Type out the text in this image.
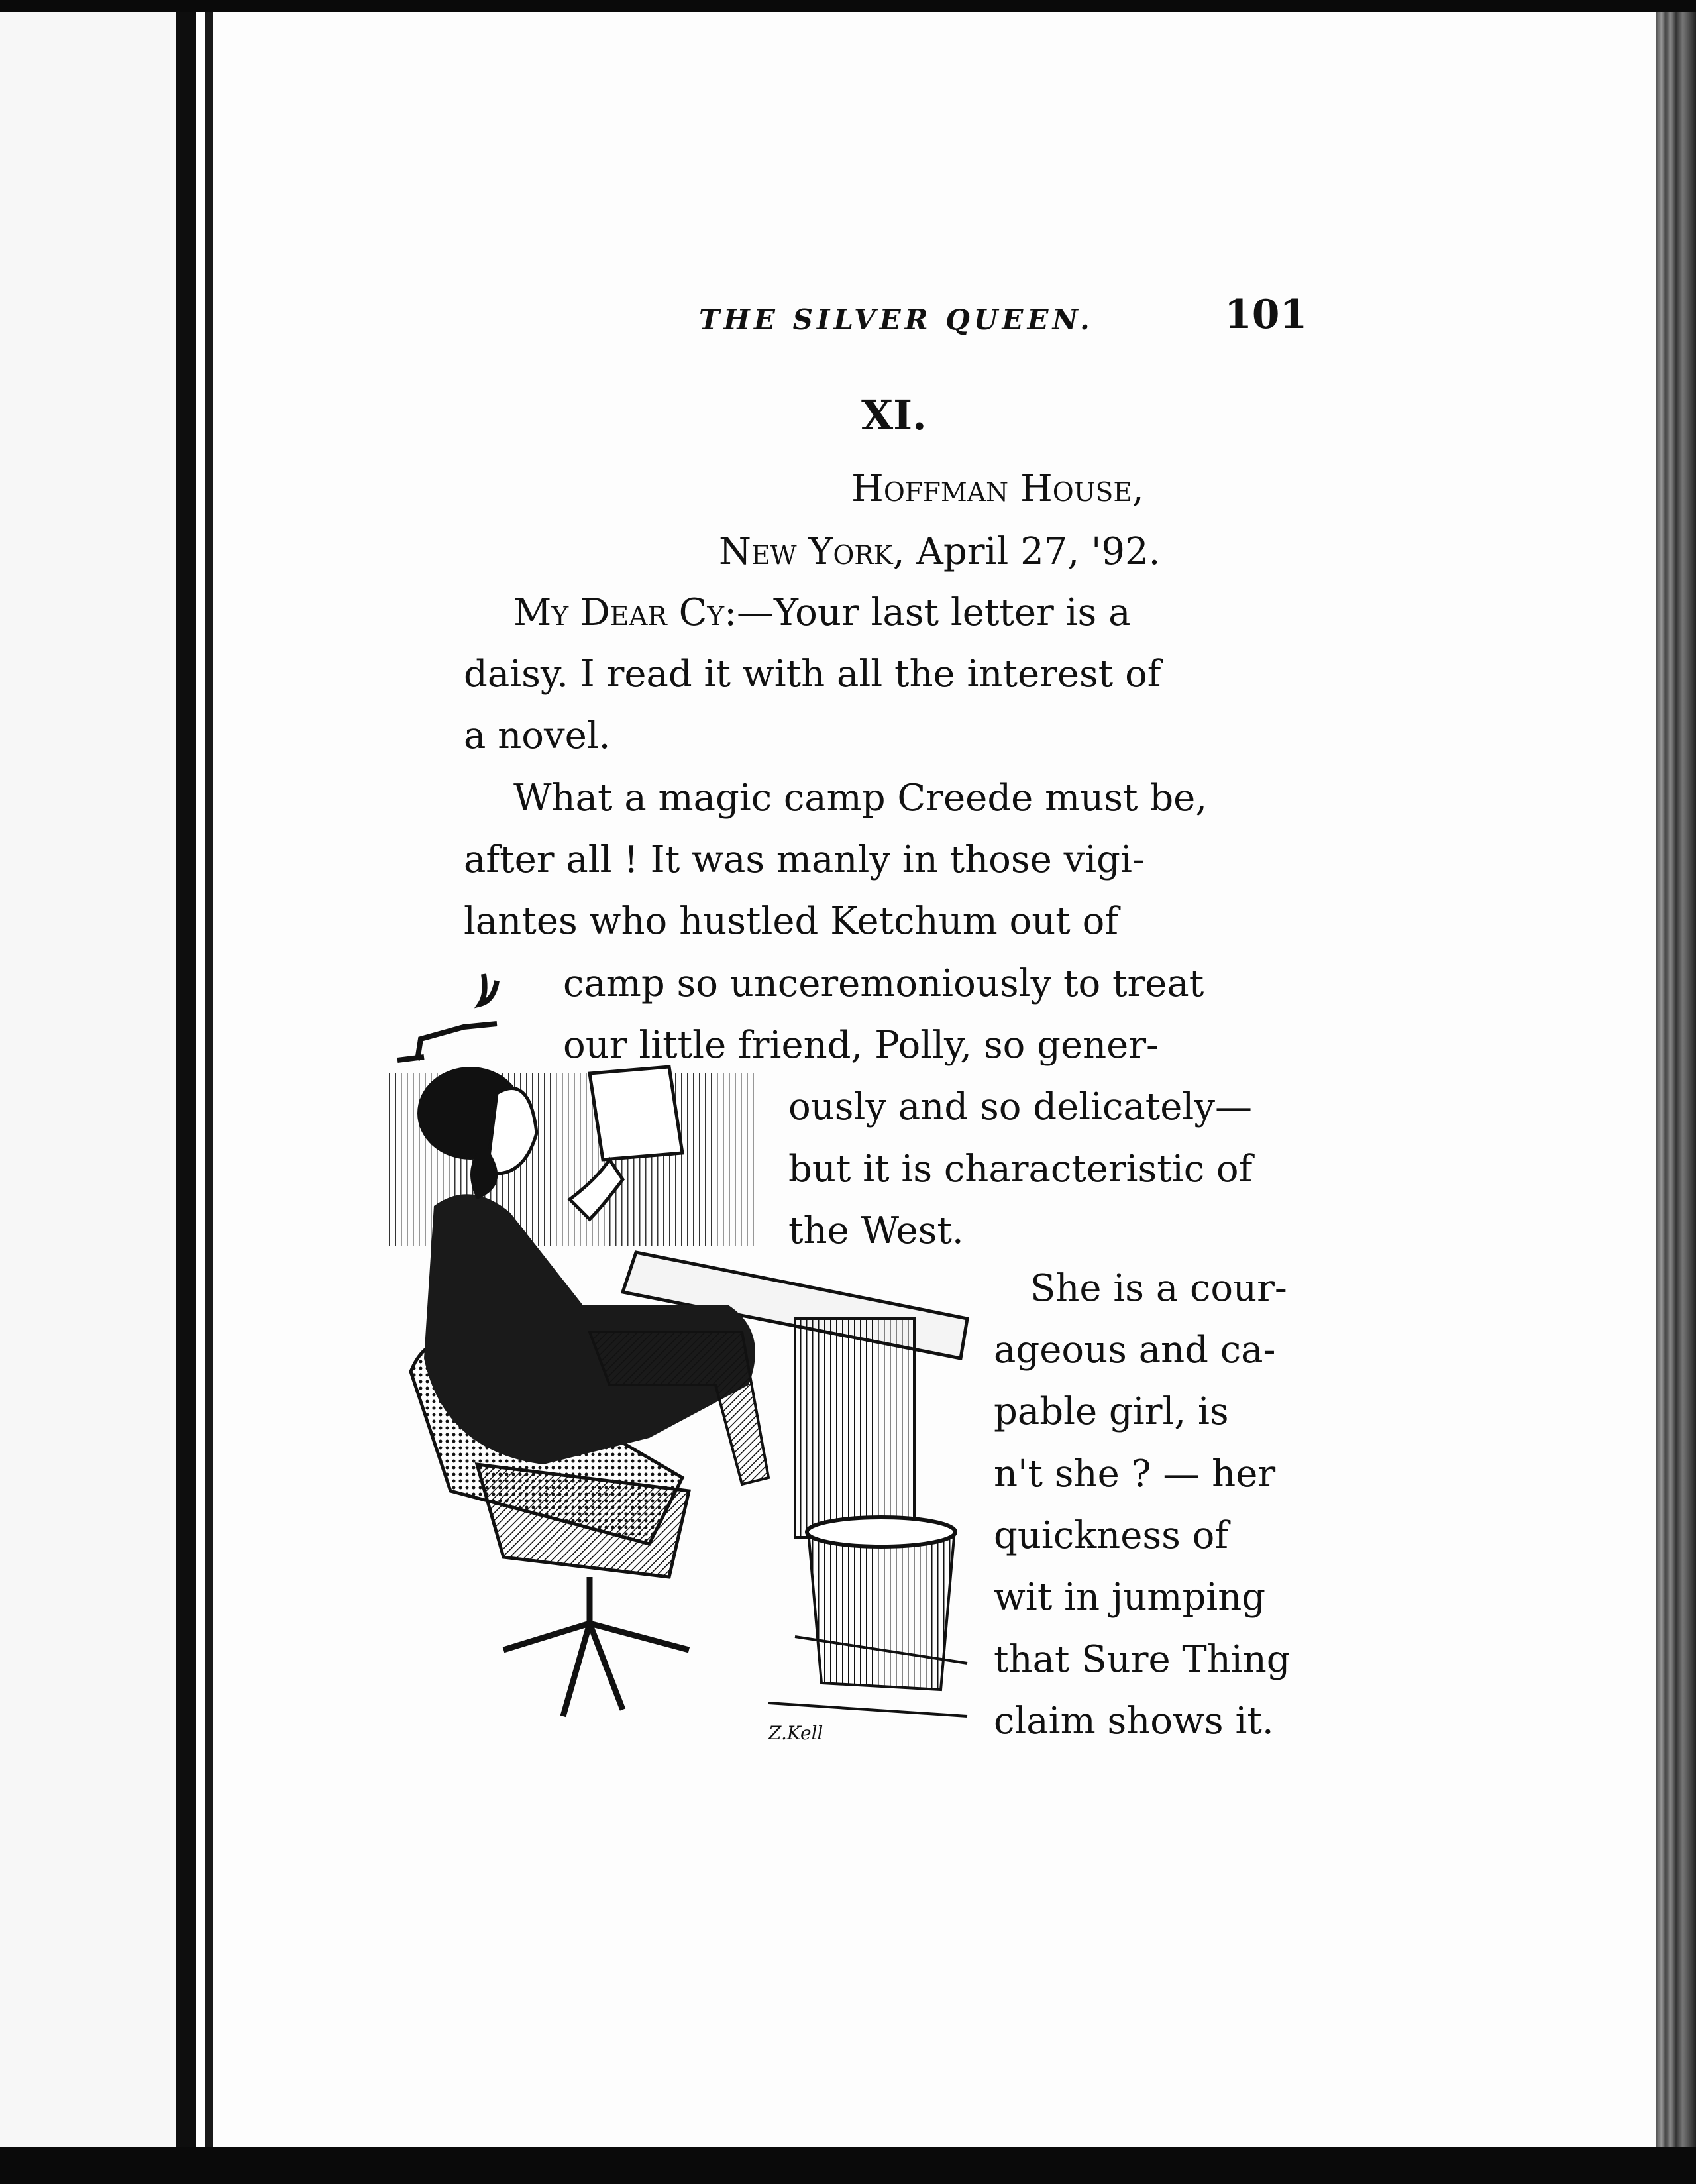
THE SILVER QUEEN.	101
XI.
Hoffman House,
New York, April 27, '92.
My Dear Cy :—Your last letter is a
daisy. I read it with all the interest of
a novel.
What a magic camp Creede must be,
after all ! It was manly in those vigi-
lantes who hustled Ketchum out of
camp so unceremoniously to treat
our little friend, Polly, so gener-
ously and so delicately—
but it is characteristic of
the West.
She is a cour-
ageous and ca-
pable girl, is
n't she ? — her
quickness of
wit in jumping
that Sure Thing
claim shows it.
Z.Kell
